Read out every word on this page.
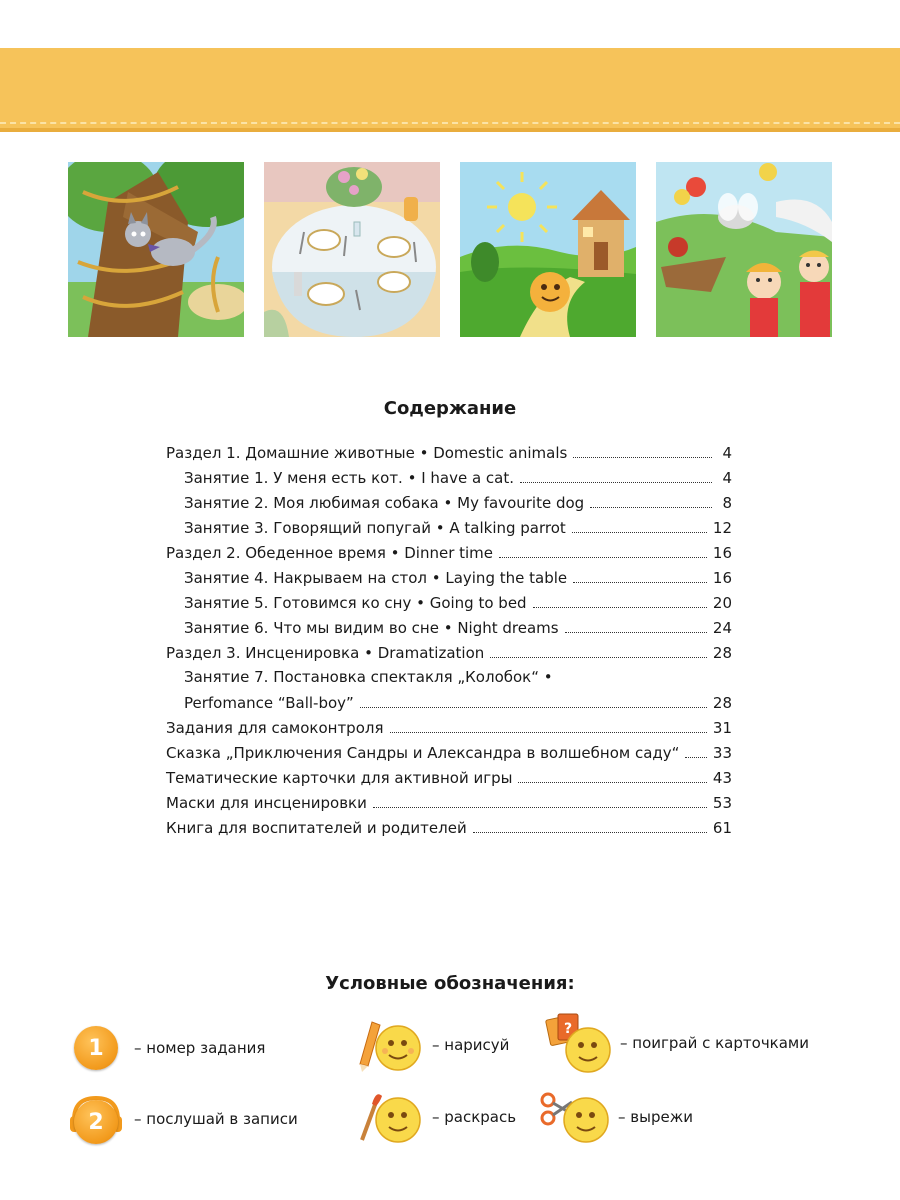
Содержание
Раздел 1. Домашние животные • Domestic animals	4
Занятие 1. У меня есть кот. • I have a cat.	4
Занятие 2. Моя любимая собака • My favourite dog	8
Занятие 3. Говорящий попугай • A talking parrot	12
Раздел 2. Обеденное время • Dinner time	16
Занятие 4. Накрываем на стол • Laying the table	16
Занятие 5. Готовимся ко сну • Going to bed	20
Занятие 6. Что мы видим во сне • Night dreams	24
Раздел 3. Инсценировка • Dramatization	28
Занятие 7. Постановка спектакля „Колобок“ •
Perfomance “Ball-boy”	28
Задания для самоконтроля	31
Сказка „Приключения Сандры и Александра в волшебном саду“ 33
Тематические карточки для активной игры	43
Маски для инсценировки	53
Книга для воспитателей и родителей	61
Условные обозначения:
1	– номер задания	– нарисуй
?
– поиграй с карточками
2	– послушай в записи	– раскрась	– вырежи
